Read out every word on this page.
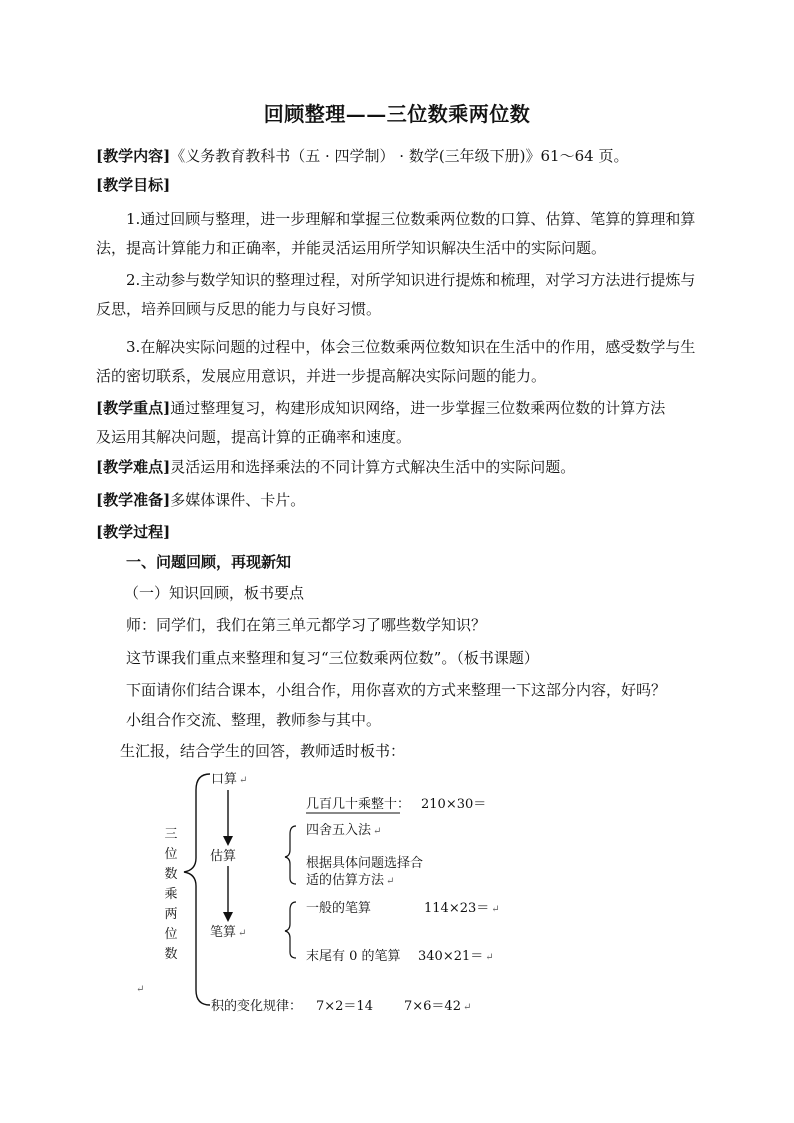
回顾整理——三位数乘两位数
[教学内容]《义务教育教科书（五 · 四学制） · 数学(三年级下册)》61～64 页。
[教学目标]
1.通过回顾与整理，进一步理解和掌握三位数乘两位数的口算、估算、笔算的算理和算法，提高计算能力和正确率，并能灵活运用所学知识解决生活中的实际问题。
2.主动参与数学知识的整理过程，对所学知识进行提炼和梳理，对学习方法进行提炼与反思，培养回顾与反思的能力与良好习惯。
3.在解决实际问题的过程中，体会三位数乘两位数知识在生活中的作用，感受数学与生活的密切联系，发展应用意识，并进一步提高解决实际问题的能力。
[教学重点]通过整理复习，构建形成知识网络，进一步掌握三位数乘两位数的计算方法
及运用其解决问题，提高计算的正确率和速度。
[教学难点]灵活运用和选择乘法的不同计算方式解决生活中的实际问题。
[教学准备]多媒体课件、卡片。
[教学过程]
一、问题回顾，再现新知
（一）知识回顾，板书要点
师：同学们，我们在第三单元都学习了哪些数学知识？
这节课我们重点来整理和复习“三位数乘两位数”。（板书课题）
下面请你们结合课本，小组合作，用你喜欢的方式来整理一下这部分内容，好吗？
小组合作交流、整理，教师参与其中。
生汇报，结合学生的回答，教师适时板书：
三
位
数
乘
两
位
数
口算 ↵
几百几十乘整十： 210×30＝
估算
四舍五入法 ↵
根据具体问题选择合
适的估算方法 ↵
笔算 ↵
一般的笔算	114×23＝ ↵
末尾有 0 的笔算 340×21＝ ↵
↵
积的变化规律： 7×2＝14 7×6＝42 ↵
